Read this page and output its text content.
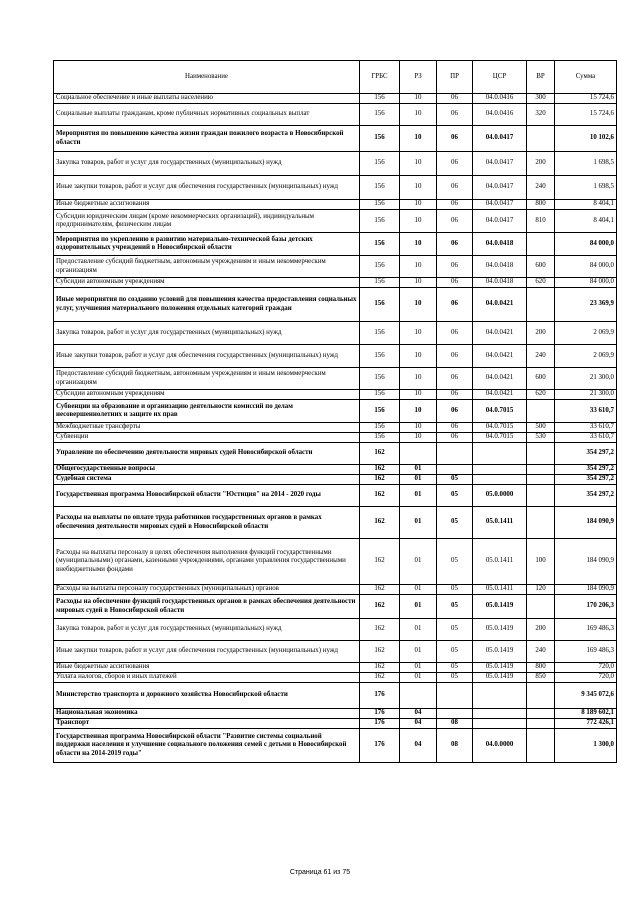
Наименование	ГРБС	РЗ	ПР	ЦСР	ВР	Сумма
Социальное обеспечение и иные выплаты населению	156	10	06	04.0.0416	300	15 724,6
Социальные выплаты гражданам, кроме публичных нормативных социальных выплат	156	10	06	04.0.0416	320	15 724,6
Мероприятия по повышению качества жизни граждан пожилого возраста в Новосибирской области	156	10	06	04.0.0417		10 102,6
Закупка товаров, работ и услуг для государственных (муниципальных) нужд	156	10	06	04.0.0417	200	1 698,5
Иные закупки товаров, работ и услуг для обеспечения государственных (муниципальных) нужд	156	10	06	04.0.0417	240	1 698,5
Иные бюджетные ассигнования	156	10	06	04.0.0417	800	8 404,1
Субсидии юридическим лицам (кроме некоммерческих организаций), индивидуальным предпринимателям, физическим лицам	156	10	06	04.0.0417	810	8 404,1
Мероприятия по укреплению в развитию материально-технической базы детских оздоровительных учреждений в Новосибирской области	156	10	06	04.0.0418		84 000,0
Предоставление субсидий бюджетным, автономным учреждениям и иным некоммерческим организациям	156	10	06	04.0.0418	600	84 000,0
Субсидии автономным учреждениям	156	10	06	04.0.0418	620	84 000,0
Иные мероприятия по созданию условий для повышения качества предоставления социальных услуг, улучшения материального положения отдельных категорий граждан	156	10	06	04.0.0421		23 369,9
Закупка товаров, работ и услуг для государственных (муниципальных) нужд	156	10	06	04.0.0421	200	2 069,9
Иные закупки товаров, работ и услуг для обеспечения государственных (муниципальных) нужд	156	10	06	04.0.0421	240	2 069,9
Предоставление субсидий бюджетным, автономным учреждениям и иным некоммерческим организациям	156	10	06	04.0.0421	600	21 300,0
Субсидии автономным учреждениям	156	10	06	04.0.0421	620	21 300,0
Субвенции на образование и организацию деятельности комиссий по делам несовершеннолетних и защите их прав	156	10	06	04.0.7015		33 610,7
Межбюджетные трансферты	156	10	06	04.0.7015	500	33 610,7
Субвенции	156	10	06	04.0.7015	530	33 610,7
Управление по обеспечению деятельности мировых судей Новосибирской области	162					354 297,2
Общегосударственные вопросы	162	01				354 297,2
Судебная система	162	01	05			354 297,2
Государственная программа Новосибирской области "Юстиция" на 2014 - 2020 годы	162	01	05	05.0.0000		354 297,2
Расходы на выплаты по оплате труда работников государственных органов в рамках обеспечения деятельности мировых судей в Новосибирской области	162	01	05	05.0.1411		184 090,9
Расходы на выплаты персоналу в целях обеспечения выполнения функций государственными (муниципальными) органами, казенными учреждениями, органами управления государственными внебюджетными фондами	162	01	05	05.0.1411	100	184 090,9
Расходы на выплаты персоналу государственных (муниципальных) органов	162	01	05	05.0.1411	120	184 090,9
Расходы на обеспечение функций государственных органов в рамках обеспечения деятельности мировых судей в Новосибирской области	162	01	05	05.0.1419		170 206,3
Закупка товаров, работ и услуг для государственных (муниципальных) нужд	162	01	05	05.0.1419	200	169 486,3
Иные закупки товаров, работ и услуг для обеспечения государственных (муниципальных) нужд	162	01	05	05.0.1419	240	169 486,3
Иные бюджетные ассигнования	162	01	05	05.0.1419	800	720,0
Уплата налогов, сборов и иных платежей	162	01	05	05.0.1419	850	720,0
Министерство транспорта и дорожного хозяйства Новосибирской области	176					9 345 072,6
Национальная экономика	176	04				8 189 602,1
Транспорт	176	04	08			772 426,1
Государственная программа Новосибирской области "Развитие системы социальной поддержки населения и улучшение социального положения семей с детьми в Новосибирской области на 2014-2019 годы"	176	04	08	04.0.0000		1 300,0
Страница 61 из 75
